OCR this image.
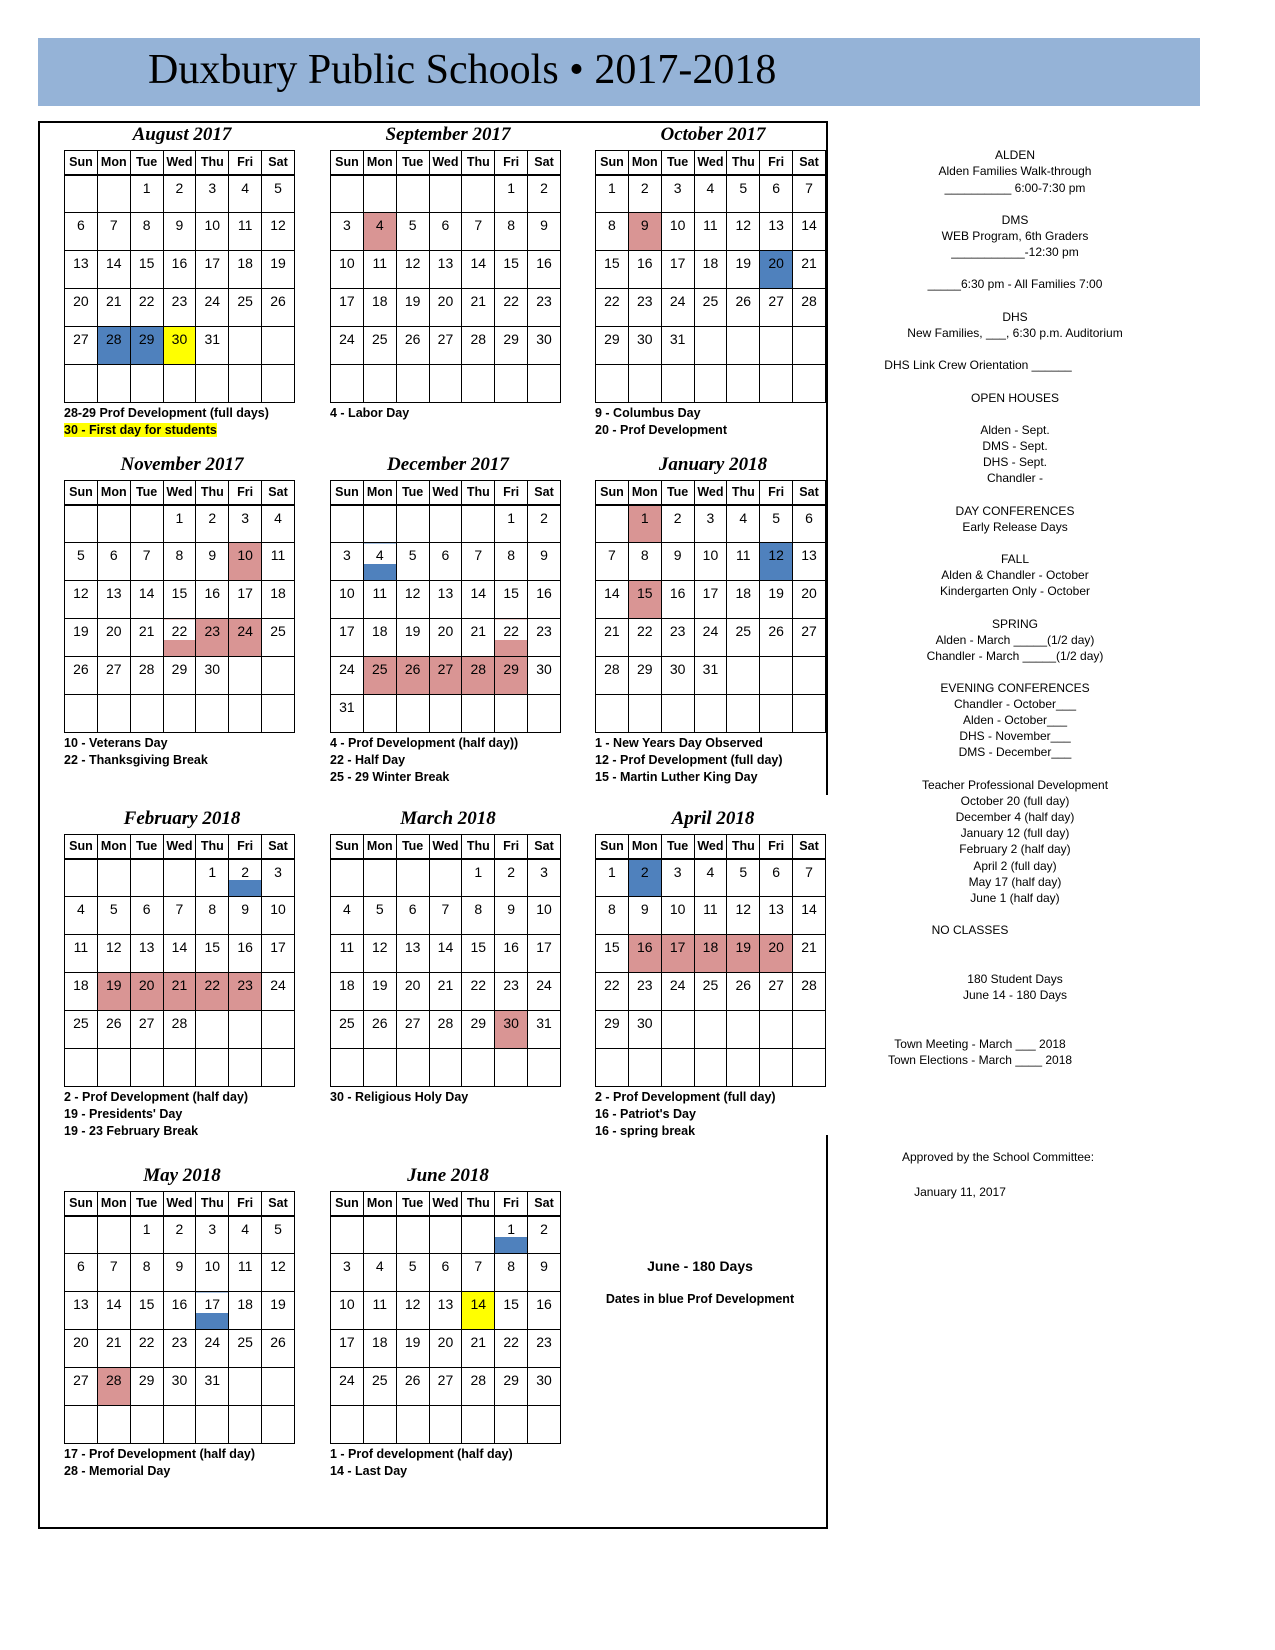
Duxbury Public Schools • 2017-2018
August 2017
Sun	Mon	Tue	Wed	Thu	Fri	Sat
		1	2	3	4	5
6	7	8	9	10	11	12
13	14	15	16	17	18	19
20	21	22	23	24	25	26
27	28	29	30	31		

28-29 Prof Development (full days)
30 - First day for students
September 2017
Sun	Mon	Tue	Wed	Thu	Fri	Sat
					1	2
3	4	5	6	7	8	9
10	11	12	13	14	15	16
17	18	19	20	21	22	23
24	25	26	27	28	29	30

4 - Labor Day
October 2017
Sun	Mon	Tue	Wed	Thu	Fri	Sat
1	2	3	4	5	6	7
8	9	10	11	12	13	14
15	16	17	18	19	20	21
22	23	24	25	26	27	28
29	30	31				

9 - Columbus Day
20 - Prof Development
November 2017
Sun	Mon	Tue	Wed	Thu	Fri	Sat
			1	2	3	4
5	6	7	8	9	10	11
12	13	14	15	16	17	18
19	20	21	22	23	24	25
26	27	28	29	30		

10 - Veterans Day
22 - Thanksgiving Break
December 2017
Sun	Mon	Tue	Wed	Thu	Fri	Sat
					1	2
3	4	5	6	7	8	9
10	11	12	13	14	15	16
17	18	19	20	21	22	23
24	25	26	27	28	29	30
31						
4 - Prof Development (half day))
22 - Half Day
25 - 29 Winter Break
January 2018
Sun	Mon	Tue	Wed	Thu	Fri	Sat
	1	2	3	4	5	6
7	8	9	10	11	12	13
14	15	16	17	18	19	20
21	22	23	24	25	26	27
28	29	30	31			

1 - New Years Day Observed
12 - Prof Development (full day)
15 - Martin Luther King Day
February 2018
Sun	Mon	Tue	Wed	Thu	Fri	Sat
				1	2	3
4	5	6	7	8	9	10
11	12	13	14	15	16	17
18	19	20	21	22	23	24
25	26	27	28			

2 - Prof Development (half day)
19 - Presidents' Day
19 - 23 February Break
March 2018
Sun	Mon	Tue	Wed	Thu	Fri	Sat
				1	2	3
4	5	6	7	8	9	10
11	12	13	14	15	16	17
18	19	20	21	22	23	24
25	26	27	28	29	30	31

30 - Religious Holy Day
April 2018
Sun	Mon	Tue	Wed	Thu	Fri	Sat
1	2	3	4	5	6	7
8	9	10	11	12	13	14
15	16	17	18	19	20	21
22	23	24	25	26	27	28
29	30					

2 - Prof Development (full day)
16 - Patriot's Day
16 - spring break
May 2018
Sun	Mon	Tue	Wed	Thu	Fri	Sat
		1	2	3	4	5
6	7	8	9	10	11	12
13	14	15	16	17	18	19
20	21	22	23	24	25	26
27	28	29	30	31		

17 - Prof Development (half day)
28 - Memorial Day
June 2018
Sun	Mon	Tue	Wed	Thu	Fri	Sat
					1	2
3	4	5	6	7	8	9
10	11	12	13	14	15	16
17	18	19	20	21	22	23
24	25	26	27	28	29	30

1 - Prof development (half day)
14 - Last Day
June - 180 Days
Dates in blue Prof Development
ALDEN
Alden Families Walk-through
__________ 6:00-7:30 pm
DMS
WEB Program, 6th Graders
___________-12:30 pm
_____6:30 pm - All Families 7:00
DHS
New Families, ___, 6:30 p.m. Auditorium
DHS Link Crew Orientation ______
OPEN HOUSES
Alden - Sept.
DMS - Sept.
DHS - Sept.
Chandler -
DAY CONFERENCES
Early Release Days
FALL
Alden & Chandler - October
Kindergarten Only - October
SPRING
Alden - March _____(1/2 day)
Chandler - March _____(1/2 day)
EVENING CONFERENCES
Chandler - October___
Alden - October___
DHS - November___
DMS - December___
Teacher Professional Development
October 20 (full day)
December 4 (half day)
January 12 (full day)
February 2 (half day)
April 2 (full day)
May 17 (half day)
June 1 (half day)
NO CLASSES
180 Student Days
June 14 - 180 Days
Town Meeting - March ___ 2018
Town Elections - March ____ 2018
Approved by the School Committee:
January 11, 2017
